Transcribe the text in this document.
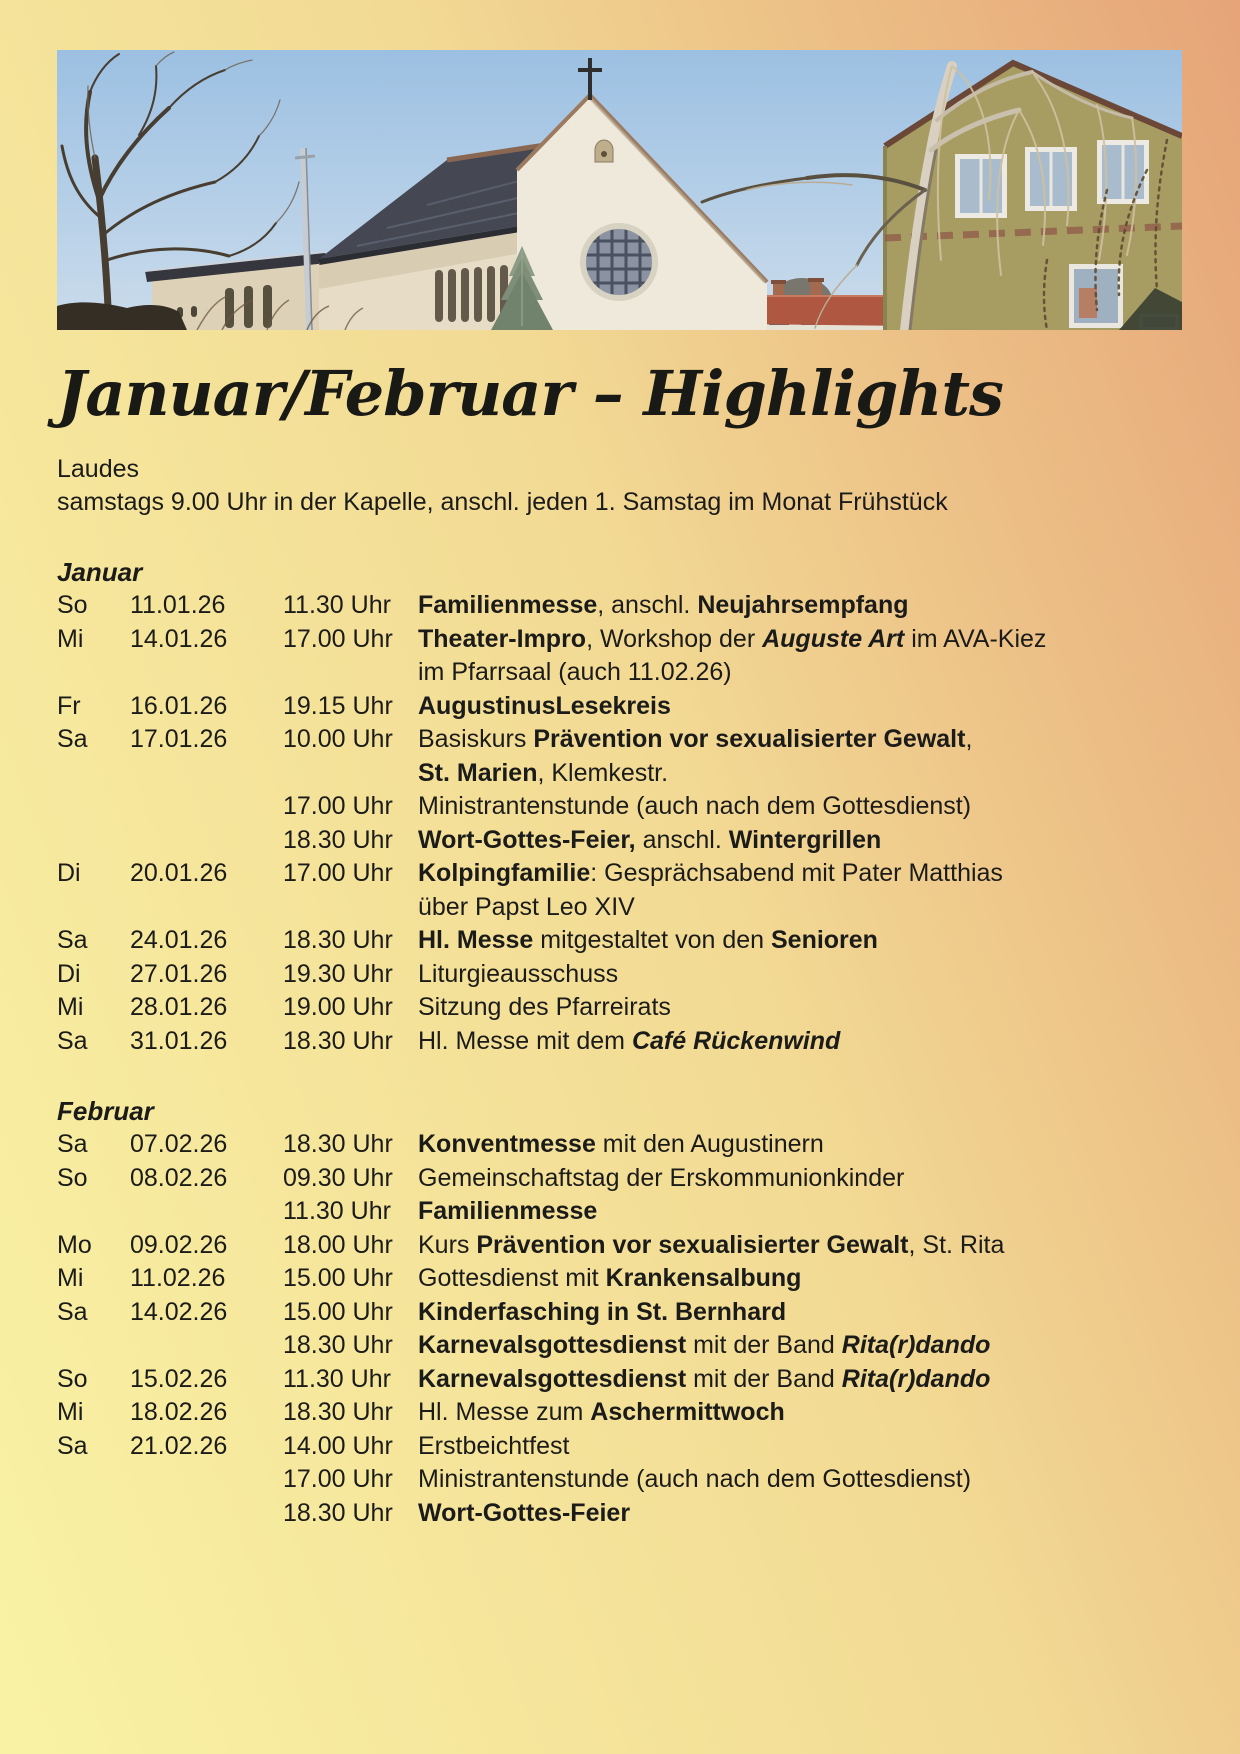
Januar/Februar – Highlights

Laudes
samstags 9.00 Uhr in der Kapelle, anschl. jeden 1. Samstag im Monat Frühstück

Januar
So	11.01.26	11.30 Uhr	Familienmesse, anschl. Neujahrsempfang
Mi	14.01.26	17.00 Uhr	Theater-Impro, Workshop der Auguste Art im AVA-Kiez
im Pfarrsaal (auch 11.02.26)
Fr	16.01.26	19.15 Uhr	AugustinusLesekreis
Sa	17.01.26	10.00 Uhr	Basiskurs Prävention vor sexualisierter Gewalt,
St. Marien, Klemkestr.
17.00 Uhr	Ministrantenstunde (auch nach dem Gottesdienst)
18.30 Uhr	Wort-Gottes-Feier, anschl. Wintergrillen
Di	20.01.26	17.00 Uhr	Kolpingfamilie: Gesprächsabend mit Pater Matthias
über Papst Leo XIV
Sa	24.01.26	18.30 Uhr	Hl. Messe mitgestaltet von den Senioren
Di	27.01.26	19.30 Uhr	Liturgieausschuss
Mi	28.01.26	19.00 Uhr	Sitzung des Pfarreirats
Sa	31.01.26	18.30 Uhr	Hl. Messe mit dem Café Rückenwind
Februar
Sa	07.02.26	18.30 Uhr	Konventmesse mit den Augustinern
So	08.02.26	09.30 Uhr	Gemeinschaftstag der Erskommunionkinder
11.30 Uhr	Familienmesse
Mo	09.02.26	18.00 Uhr	Kurs Prävention vor sexualisierter Gewalt, St. Rita
Mi	11.02.26	15.00 Uhr	Gottesdienst mit Krankensalbung
Sa	14.02.26	15.00 Uhr	Kinderfasching in St. Bernhard
18.30 Uhr	Karnevalsgottesdienst mit der Band Rita(r)dando
So	15.02.26	11.30 Uhr	Karnevalsgottesdienst mit der Band Rita(r)dando
Mi	18.02.26	18.30 Uhr	Hl. Messe zum Aschermittwoch
Sa	21.02.26	14.00 Uhr	Erstbeichtfest
17.00 Uhr	Ministrantenstunde (auch nach dem Gottesdienst)
18.30 Uhr	Wort-Gottes-Feier
